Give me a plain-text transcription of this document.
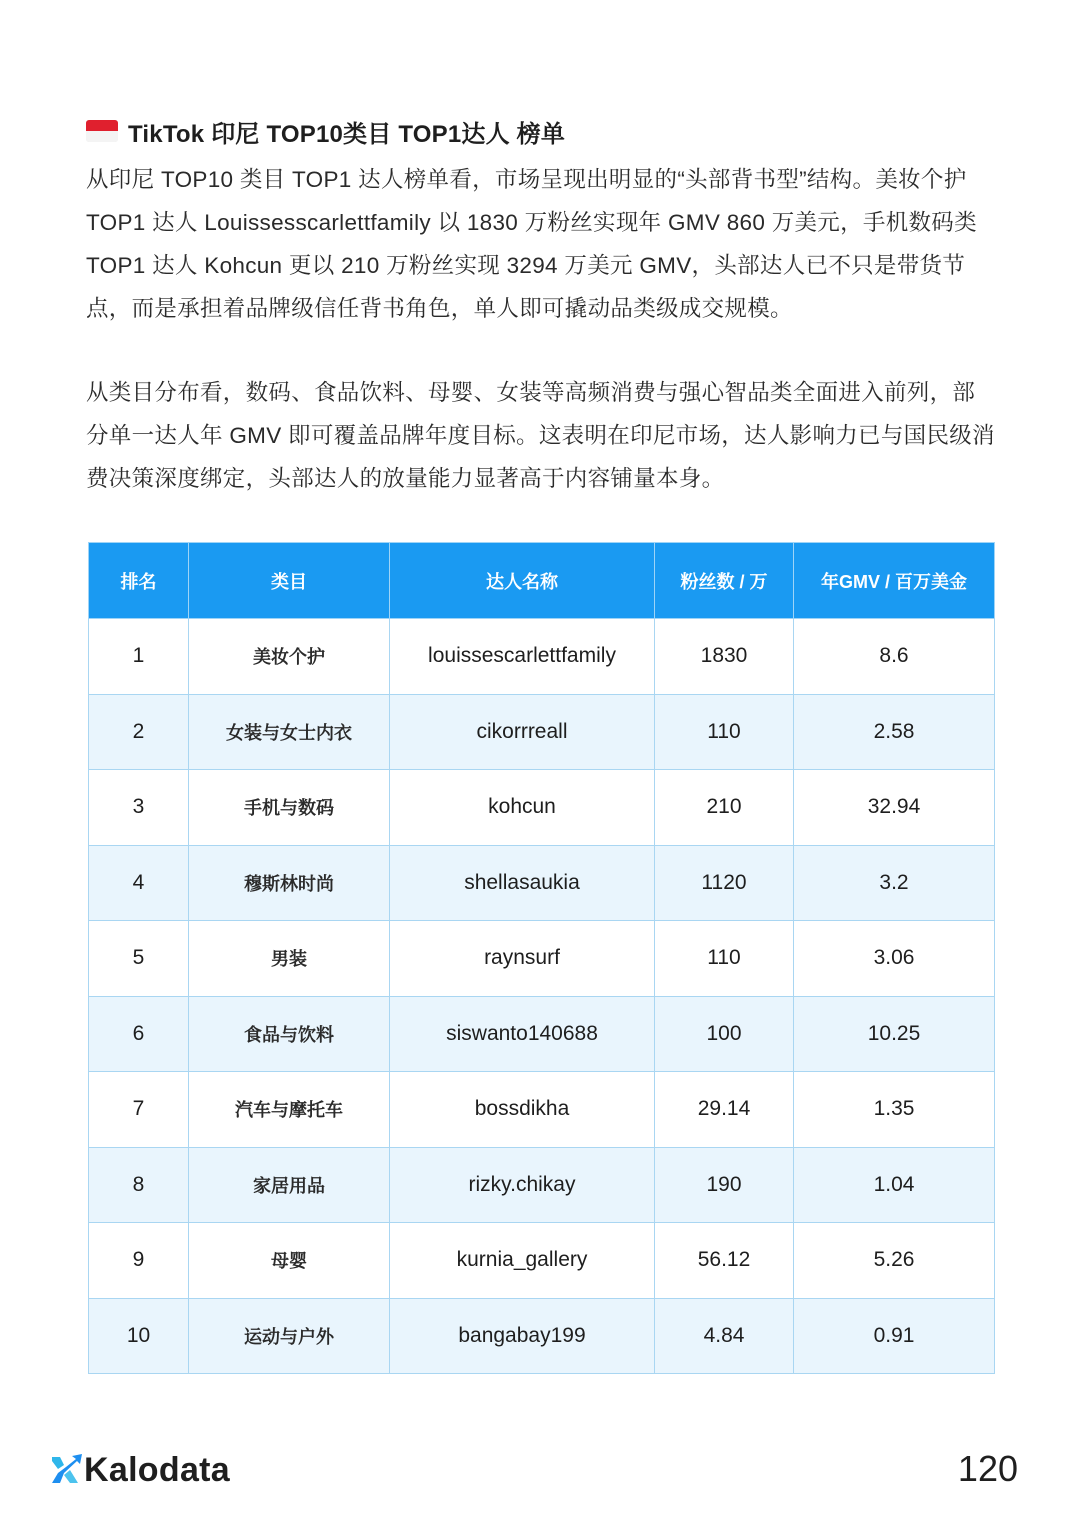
TikTok 印尼 TOP10类目 TOP1达人 榜单

从印尼 TOP10 类目 TOP1 达人榜单看，市场呈现出明显的“头部背书型”结构。美妆个护 TOP1 达人 Louissesscarlettfamily 以 1830 万粉丝实现年 GMV 860 万美元，手机数码类 TOP1 达人 Kohcun 更以 210 万粉丝实现 3294 万美元 GMV，头部达人已不只是带货节点，而是承担着品牌级信任背书角色，单人即可撬动品类级成交规模。

从类目分布看，数码、食品饮料、母婴、女装等高频消费与强心智品类全面进入前列，部分单一达人年 GMV 即可覆盖品牌年度目标。这表明在印尼市场，达人影响力已与国民级消费决策深度绑定，头部达人的放量能力显著高于内容铺量本身。

排名	类目	达人名称	粉丝数 / 万	年GMV / 百万美金
1	美妆个护	louissescarlettfamily	1830	8.6
2	女装与女士内衣	cikorrreall	110	2.58
3	手机与数码	kohcun	210	32.94
4	穆斯林时尚	shellasaukia	1120	3.2
5	男装	raynsurf	110	3.06
6	食品与饮料	siswanto140688	100	10.25
7	汽车与摩托车	bossdikha	29.14	1.35
8	家居用品	rizky.chikay	190	1.04
9	母婴	kurnia_gallery	56.12	5.26
10	运动与户外	bangabay199	4.84	0.91
Kalodata	120
